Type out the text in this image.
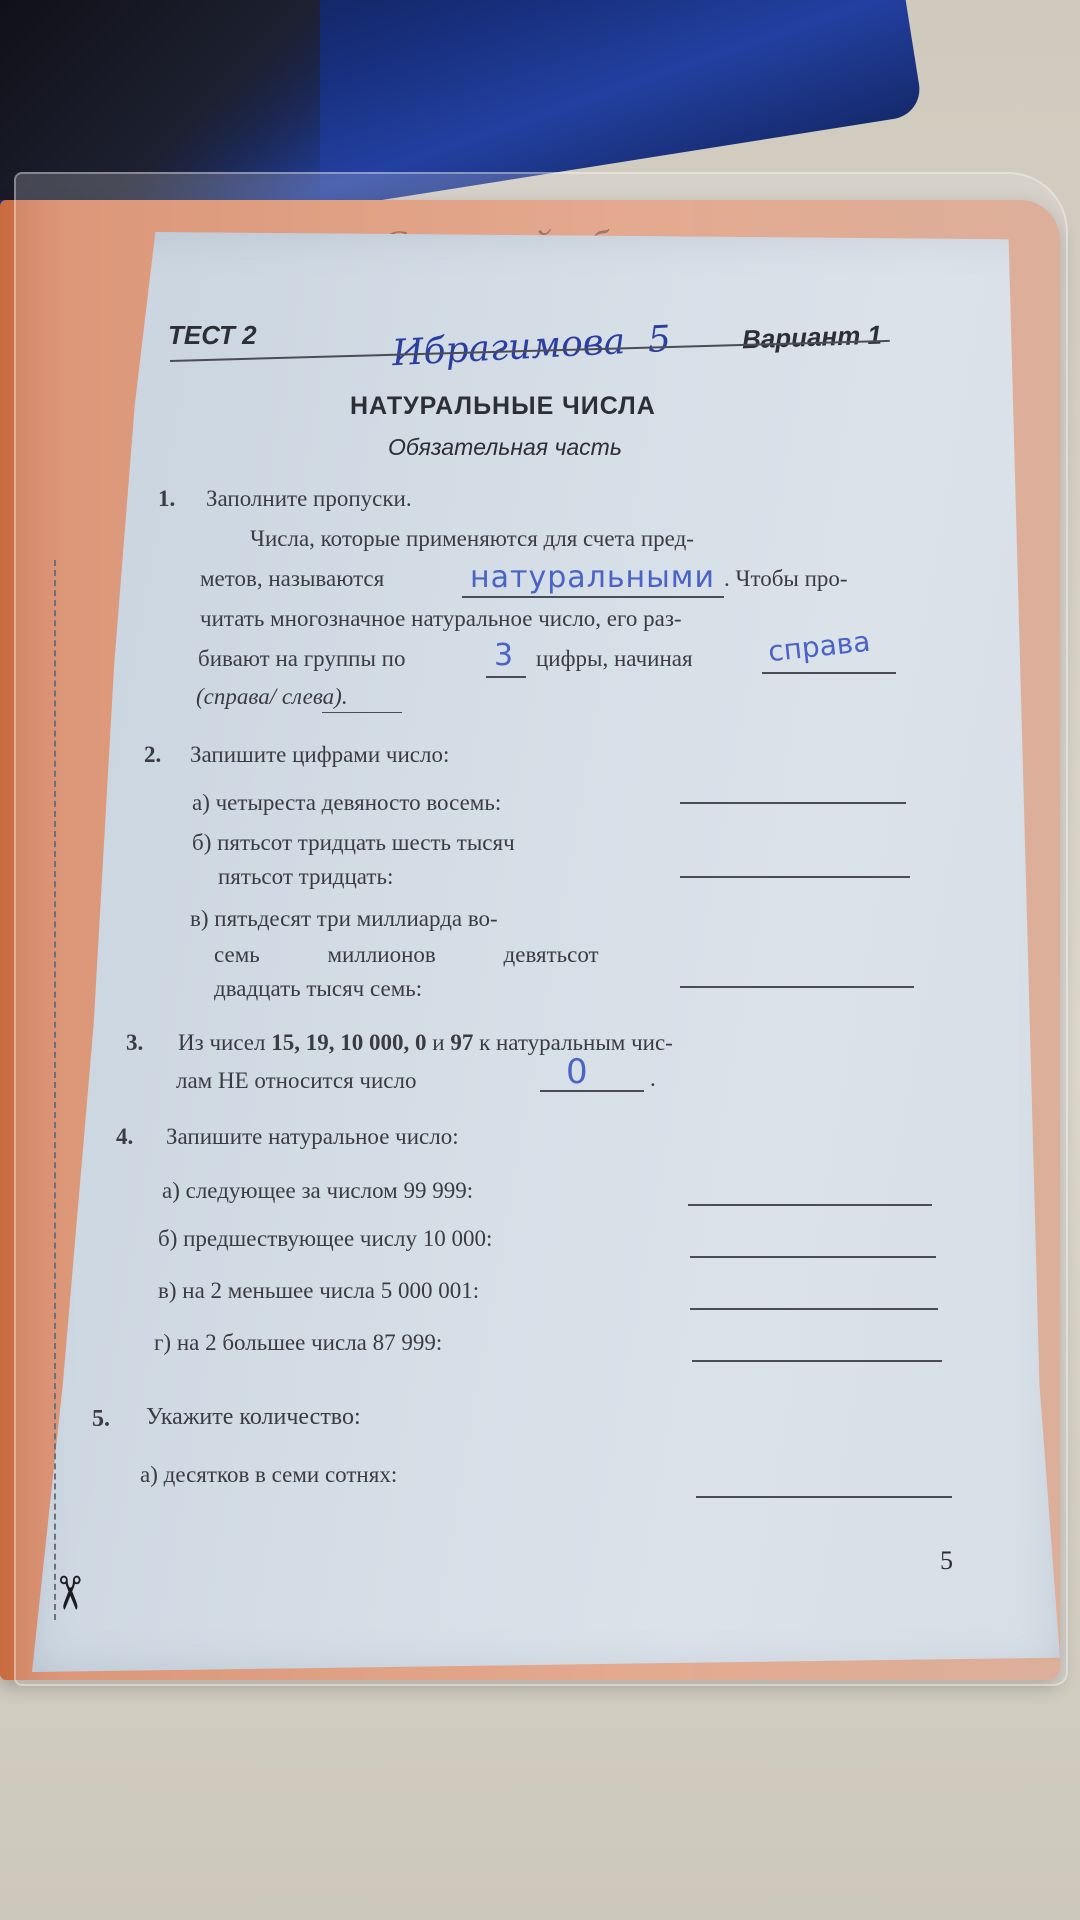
✂
ТЕСТ 2	Ибрагимова 5	Вариант 1
НАТУРАЛЬНЫЕ ЧИСЛА
Обязательная часть
1. Заполните пропуски.
Числа, которые применяются для счета пред-
метов, называются	натуральными . Чтобы про-
читать многозначное натуральное число, его раз-
бивают на группы по	3 цифры, начиная	справа
(справа/ слева).
2. Запишите цифрами число:
а) четыреста девяносто восемь:
б) пятьсот тридцать шесть тысяч
пятьсот тридцать:
в) пятьдесят три миллиарда во-
семь миллионов девятьсот
двадцать тысяч семь:
3. Из чисел 15, 19, 10 000, 0 и 97 к натуральным чис-
лам НЕ относится число	0	.
4. Запишите натуральное число:
а) следующее за числом 99 999:
б) предшествующее числу 10 000:
в) на 2 меньшее числа 5 000 001:
г) на 2 большее числа 87 999:
5. Укажите количество:
а) десятков в семи сотнях:
5
